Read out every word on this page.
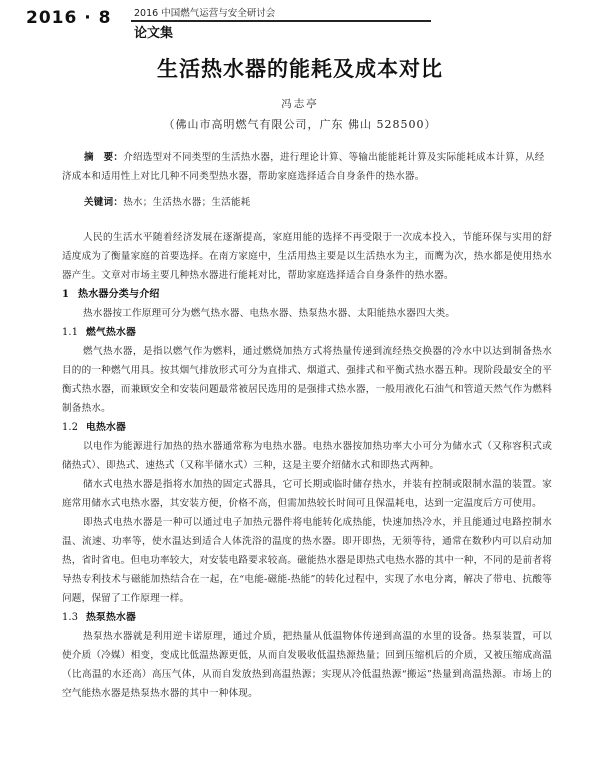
2016 · 8 2016 中国燃气运营与安全研讨会
论文集
生活热水器的能耗及成本对比
冯志亭
（佛山市高明燃气有限公司，广东 佛山 528500）
摘　要：介绍选型对不同类型的生活热水器，进行理论计算、等输出能能耗计算及实际能耗成本计算，从经济成本和适用性上对比几种不同类型热水器，帮助家庭选择适合自身条件的热水器。
关键词：热水；生活热水器；生活能耗

人民的生活水平随着经济发展在逐渐提高，家庭用能的选择不再受限于一次成本投入，节能环保与实用的舒适度成为了衡量家庭的首要选择。在南方家庭中，生活用热主要是以生活热水为主，而鹰为次，热水都是使用热水器产生。文章对市场主要几种热水器进行能耗对比，帮助家庭选择适合自身条件的热水器。

1 热水器分类与介绍

热水器按工作原理可分为燃气热水器、电热水器、热泵热水器、太阳能热水器四大类。

1.1 燃气热水器

燃气热水器，是指以燃气作为燃料，通过燃烧加热方式将热量传递到流经热交换器的冷水中以达到制备热水目的的一种燃气用具。按其烟气排放形式可分为直排式、烟道式、强排式和平衡式热水器五种。现阶段最安全的平衡式热水器，而兼顾安全和安装问题最常被居民选用的是强排式热水器，一般用液化石油气和管道天然气作为燃料制备热水。

1.2 电热水器

以电作为能源进行加热的热水器通常称为电热水器。电热水器按加热功率大小可分为储水式（又称容积式或储热式）、即热式、速热式（又称半储水式）三种，这是主要介绍储水式和即热式两种。

储水式电热水器是指将水加热的固定式器具，它可长期或临时储存热水，并装有控制或限制水温的装置。家庭常用储水式电热水器，其安装方便，价格不高，但需加热较长时间可且保温耗电，达到一定温度后方可使用。

即热式电热水器是一种可以通过电子加热元器件将电能转化成热能，快速加热冷水，并且能通过电路控制水温、流速、功率等，使水温达到适合人体洗浴的温度的热水器。即开即热，无须等待，通常在数秒内可以启动加热，省时省电。但电功率较大，对安装电路要求较高。磁能热水器是即热式电热水器的其中一种，不同的是前者将导热专利技术与磁能加热结合在一起，在“电能-磁能-热能”的转化过程中，实现了水电分离，解决了带电、抗酸等问题，保留了工作原理一样。

1.3 热泵热水器

热泵热水器就是利用逆卡诺原理，通过介质，把热量从低温物体传递到高温的水里的设备。热泵装置，可以使介质（冷媒）相变，变成比低温热源更低，从而自发吸收低温热源热量；回到压缩机后的介质，又被压缩成高温（比高温的水还高）高压气体，从而自发放热到高温热源；实现从冷低温热源“搬运”热量到高温热源。市场上的空气能热水器是热泵热水器的其中一种体现。
